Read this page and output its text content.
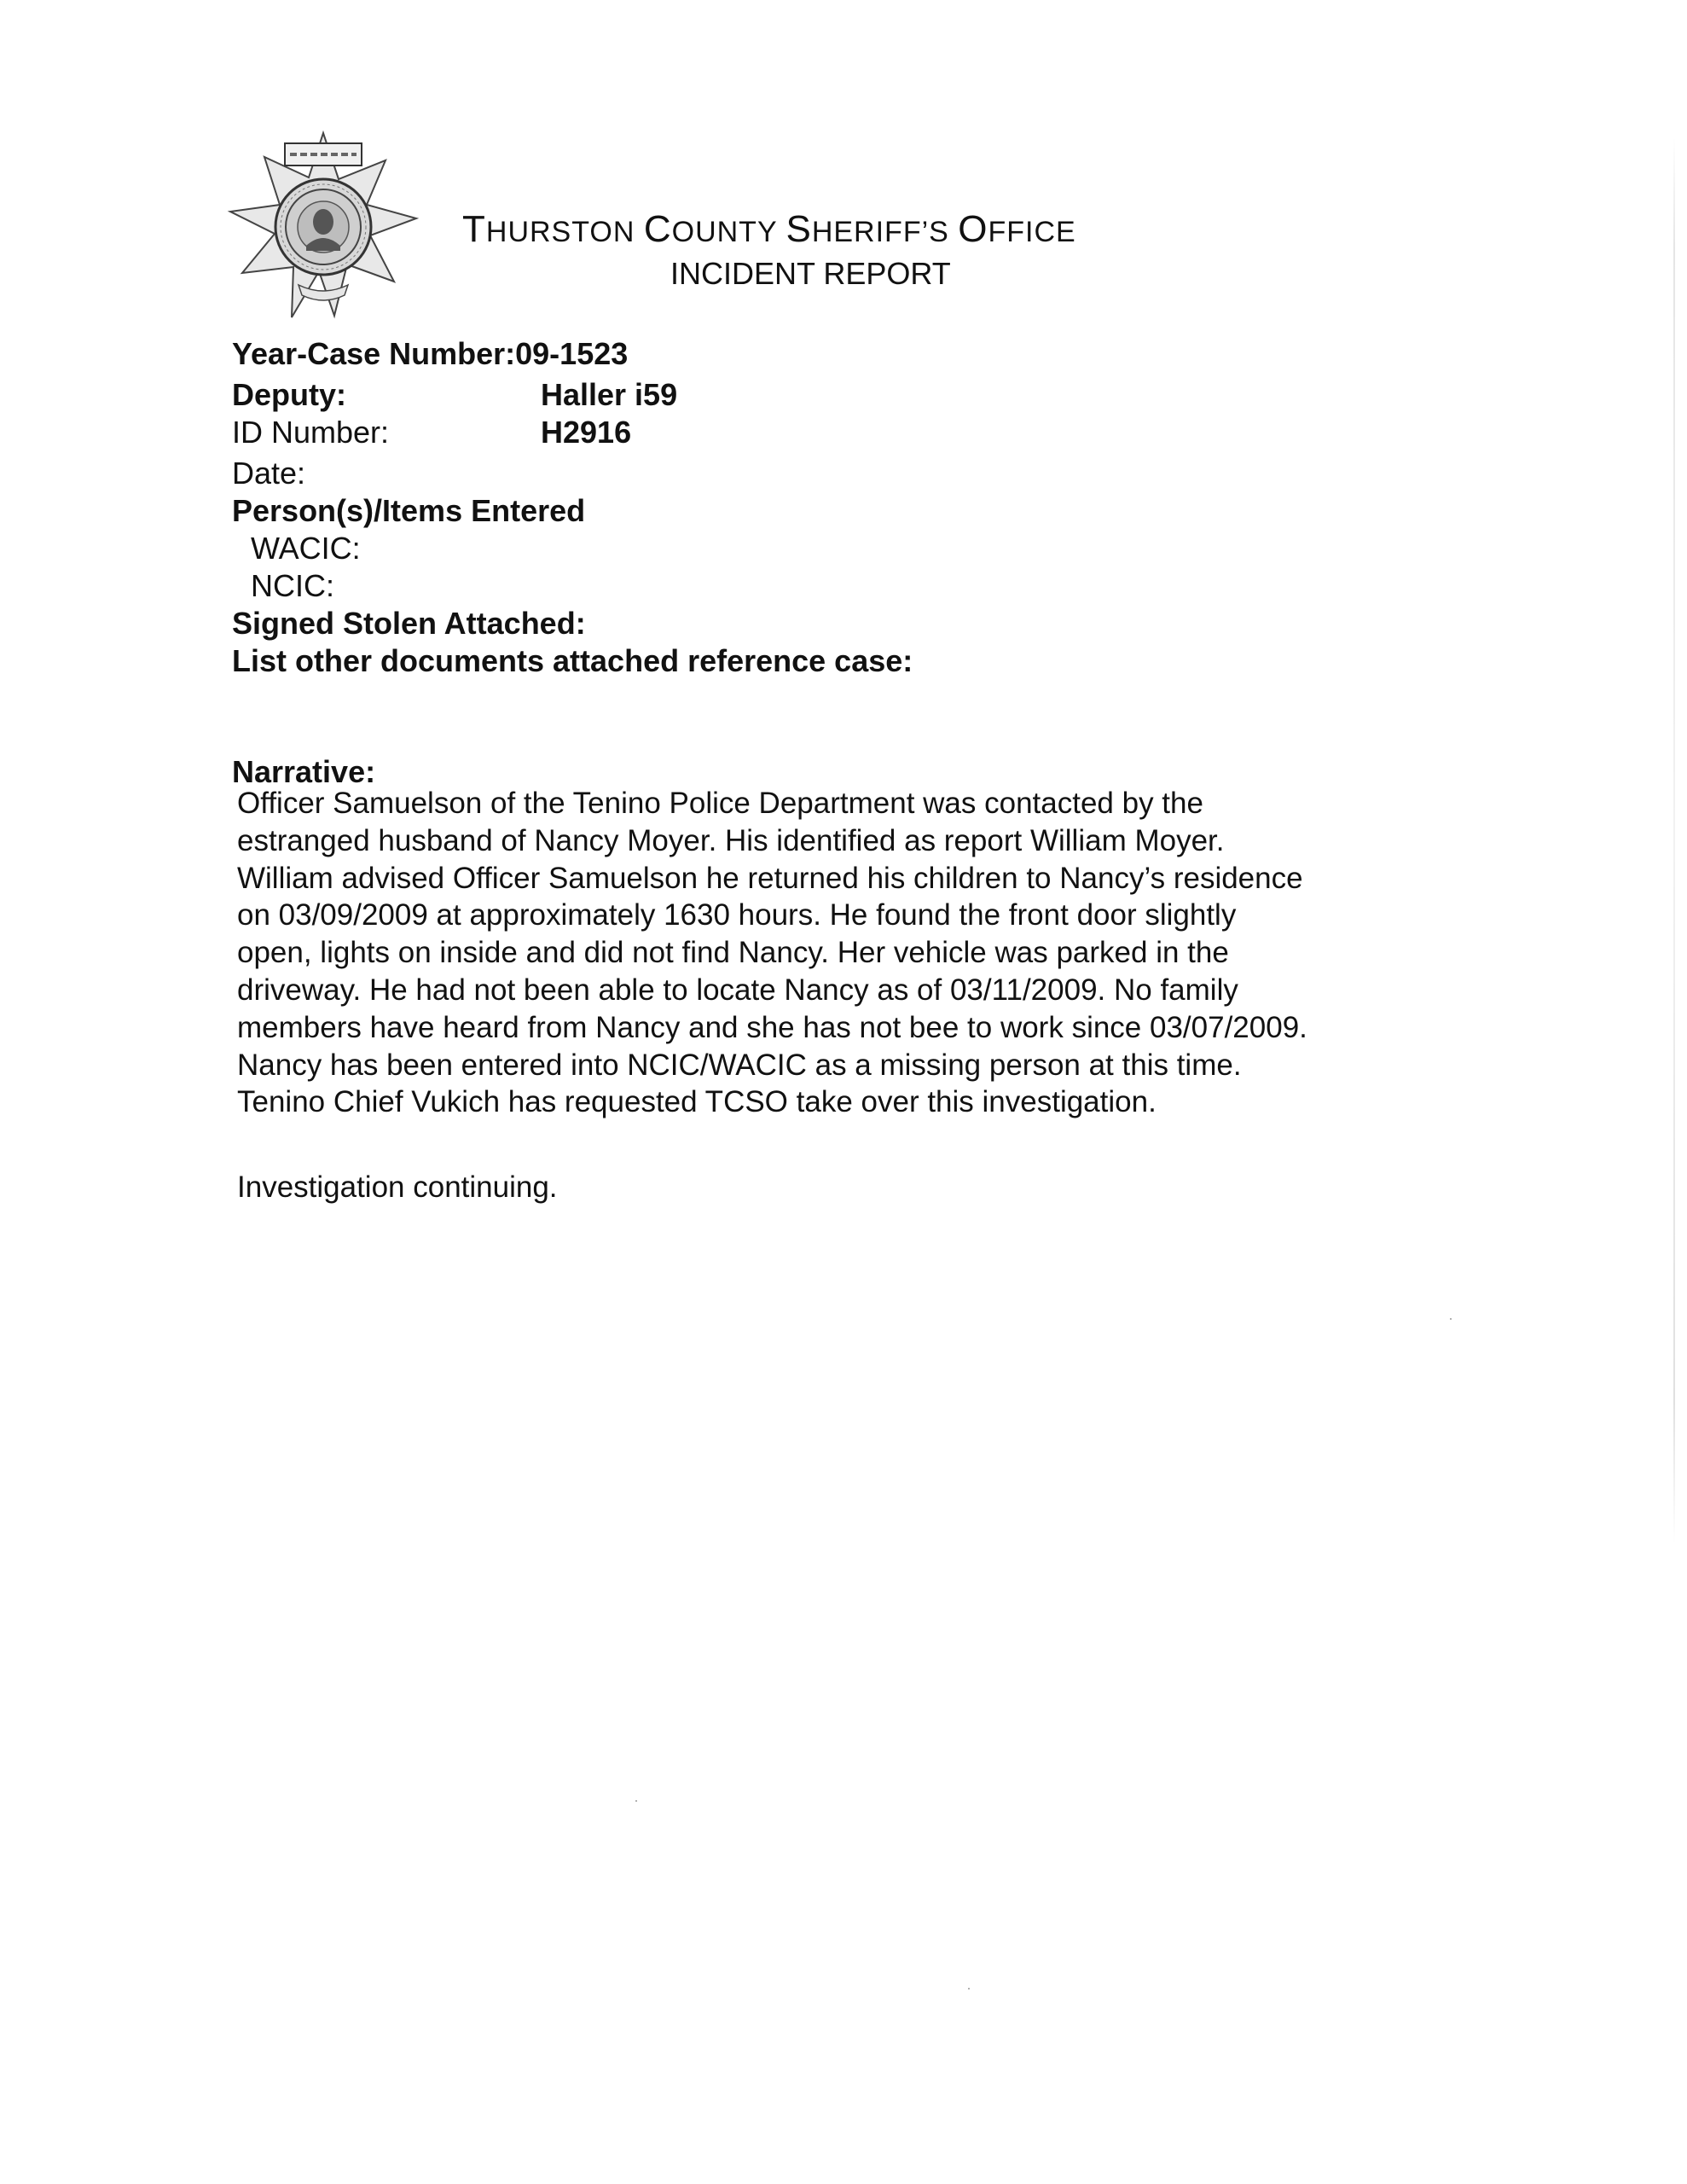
THURSTON COUNTY SHERIFF’S OFFICE
INCIDENT REPORT
Year-Case Number:09-1523
Deputy:	Haller i59
ID Number:	H2916
Date:
Person(s)/Items Entered
WACIC:
NCIC:
Signed Stolen Attached:
List other documents attached reference case:
Narrative:
Officer Samuelson of the Tenino Police Department was contacted by the
estranged husband of Nancy Moyer. His identified as report William Moyer.
William advised Officer Samuelson he returned his children to Nancy’s residence
on 03/09/2009 at approximately 1630 hours. He found the front door slightly
open, lights on inside and did not find Nancy. Her vehicle was parked in the
driveway. He had not been able to locate Nancy as of 03/11/2009. No family
members have heard from Nancy and she has not bee to work since 03/07/2009.
Nancy has been entered into NCIC/WACIC as a missing person at this time.
Tenino Chief Vukich has requested TCSO take over this investigation.
Investigation continuing.
